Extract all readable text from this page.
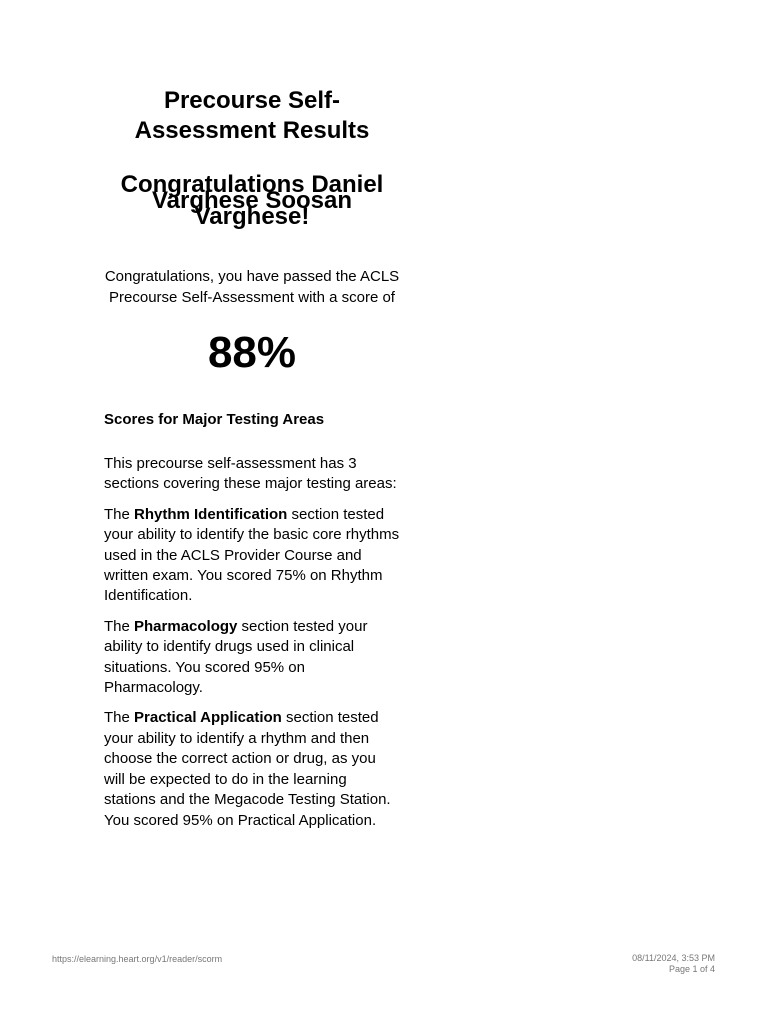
Precourse Self-Assessment Results
Congratulations Daniel Varghese Soosan Varghese!

Congratulations, you have passed the ACLS Precourse Self-Assessment with a score of

88%
Scores for Major Testing Areas

This precourse self-assessment has 3 sections covering these major testing areas:

The Rhythm Identification section tested your ability to identify the basic core rhythms used in the ACLS Provider Course and written exam. You scored 75% on Rhythm Identification.

The Pharmacology section tested your ability to identify drugs used in clinical situations. You scored 95% on Pharmacology.

The Practical Application section tested your ability to identify a rhythm and then choose the correct action or drug, as you will be expected to do in the learning stations and the Megacode Testing Station. You scored 95% on Practical Application.

https://elearning.heart.org/v1/reader/scorm	08/11/2024, 3:53 PM
Page 1 of 4
